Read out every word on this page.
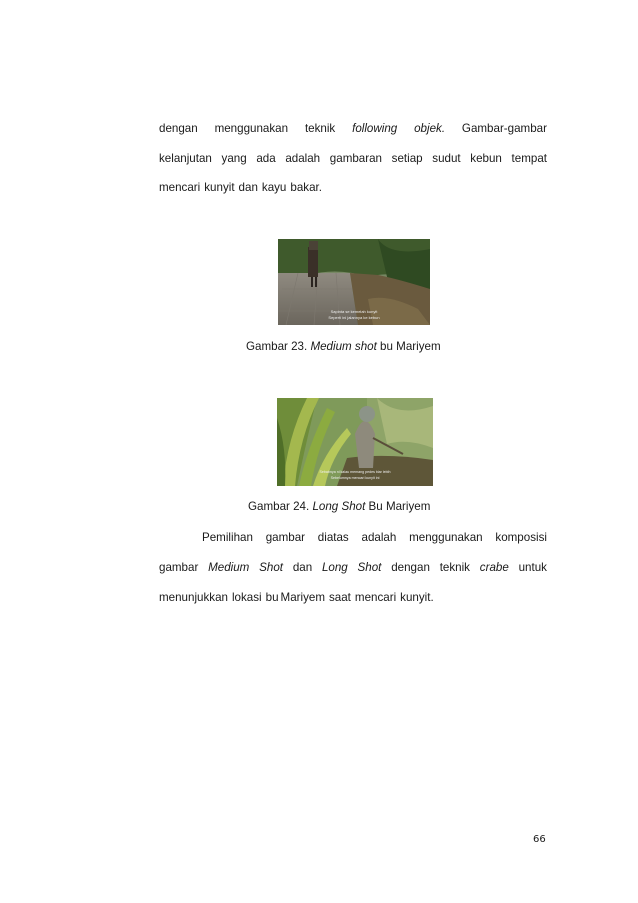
dengan menggunakan teknik following objek. Gambar-gambar
kelanjutan yang ada adalah gambaran setiap sudut kebun tempat
mencari kunyit dan kayu bakar.
Sapinta se kemelah kunyit
Seperti ini jalannya ke kebun
Gambar 23. Medium shot bu Mariyem
Sebabnya ni kalau memang pedes biar lebih
Sebelumnya mencari kunyit ini
Gambar 24. Long Shot Bu Mariyem
Pemilihan gambar diatas adalah menggunakan komposisi
gambar Medium Shot dan Long Shot dengan teknik crabe untuk
menunjukkan lokasi bu Mariyem saat mencari kunyit.
66
